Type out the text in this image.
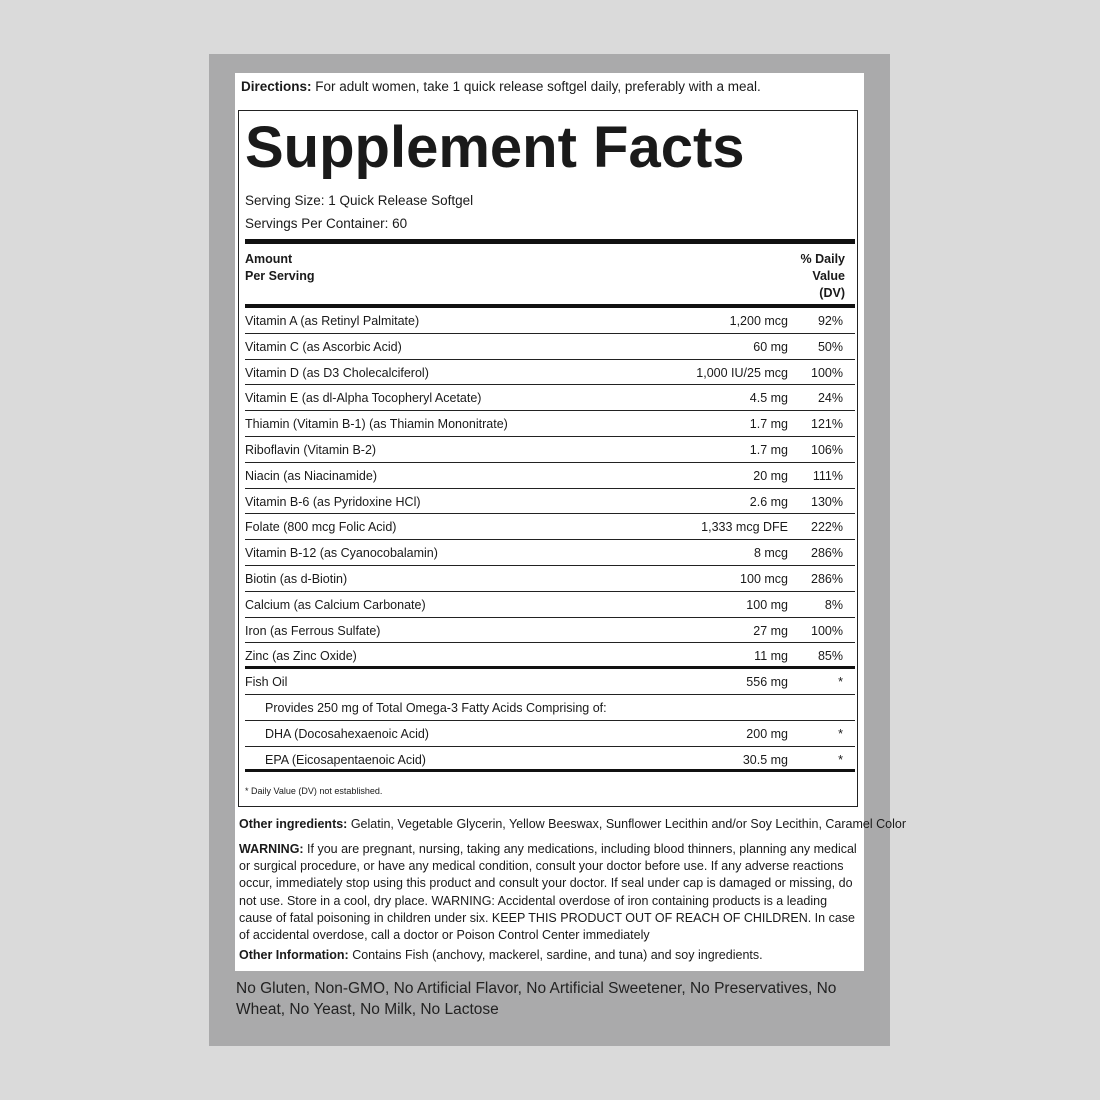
Directions: For adult women, take 1 quick release softgel daily, preferably with a meal.
Supplement Facts
Serving Size: 1 Quick Release Softgel
Servings Per Container: 60
Amount
Per Serving
% Daily
Value
(DV)
Vitamin A (as Retinyl Palmitate)	1,200 mcg 92%
Vitamin C (as Ascorbic Acid)	60 mg 50%
Vitamin D (as D3 Cholecalciferol)	1,000 IU/25 mcg 100%
Vitamin E (as dl-Alpha Tocopheryl Acetate)	4.5 mg 24%
Thiamin (Vitamin B-1) (as Thiamin Mononitrate)	1.7 mg 121%
Riboflavin (Vitamin B-2)	1.7 mg 106%
Niacin (as Niacinamide)	20 mg 111%
Vitamin B-6 (as Pyridoxine HCl)	2.6 mg 130%
Folate (800 mcg Folic Acid)	1,333 mcg DFE 222%
Vitamin B-12 (as Cyanocobalamin)	8 mcg 286%
Biotin (as d-Biotin)	100 mcg 286%
Calcium (as Calcium Carbonate)	100 mg	8%
Iron (as Ferrous Sulfate)	27 mg 100%
Zinc (as Zinc Oxide)	11 mg 85%
Fish Oil	556 mg	*
Provides 250 mg of Total Omega-3 Fatty Acids Comprising of:
DHA (Docosahexaenoic Acid)	200 mg	*
EPA (Eicosapentaenoic Acid)	30.5 mg	*
* Daily Value (DV) not established.
Other ingredients: Gelatin, Vegetable Glycerin, Yellow Beeswax, Sunflower Lecithin and/or Soy Lecithin, Caramel Color
WARNING: If you are pregnant, nursing, taking any medications, including blood thinners, planning any medical or surgical procedure, or have any medical condition, consult your doctor before use. If any adverse reactions occur, immediately stop using this product and consult your doctor. If seal under cap is damaged or missing, do not use. Store in a cool, dry place. WARNING: Accidental overdose of iron containing products is a leading cause of fatal poisoning in children under six. KEEP THIS PRODUCT OUT OF REACH OF CHILDREN. In case of accidental overdose, call a doctor or Poison Control Center immediately
Other Information: Contains Fish (anchovy, mackerel, sardine, and tuna) and soy ingredients.
No Gluten, Non-GMO, No Artificial Flavor, No Artificial Sweetener, No Preservatives, No Wheat, No Yeast, No Milk, No Lactose
